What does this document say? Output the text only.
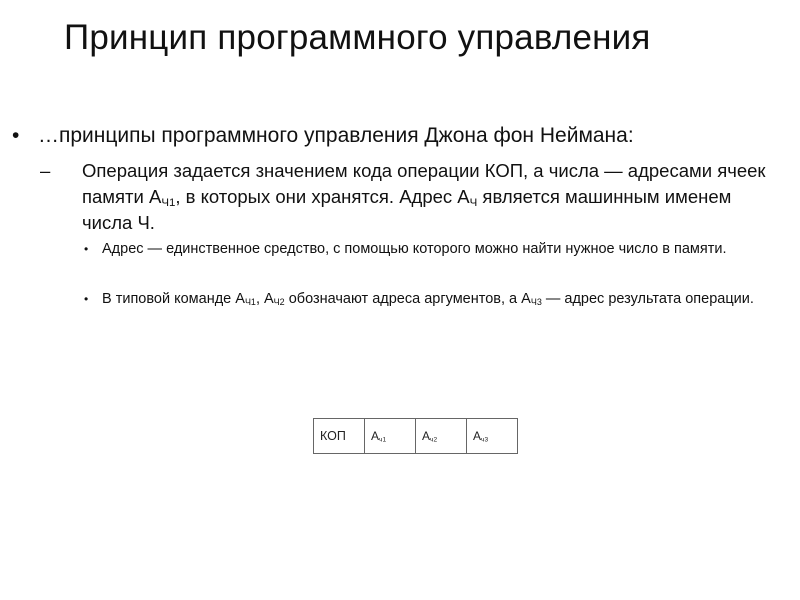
Принцип программного управления
• …принципы программного управления Джона фон Неймана:
– Операция задается значением кода операции КОП, а числа — адресами ячеек памяти $А_{Ч1}$, в которых они хранятся. Адрес $А_Ч$ является машинным именем числа Ч.
• Адрес — единственное средство, с помощью которого можно найти нужное число в памяти.
• В типовой команде $А_{Ч1}$, $А_{Ч2}$ обозначают адреса аргументов, а $А_{Ч3}$ — адрес результата операции.
КОП	$А_{ч1}$	$А_{ч2}$	$А_{ч3}$
